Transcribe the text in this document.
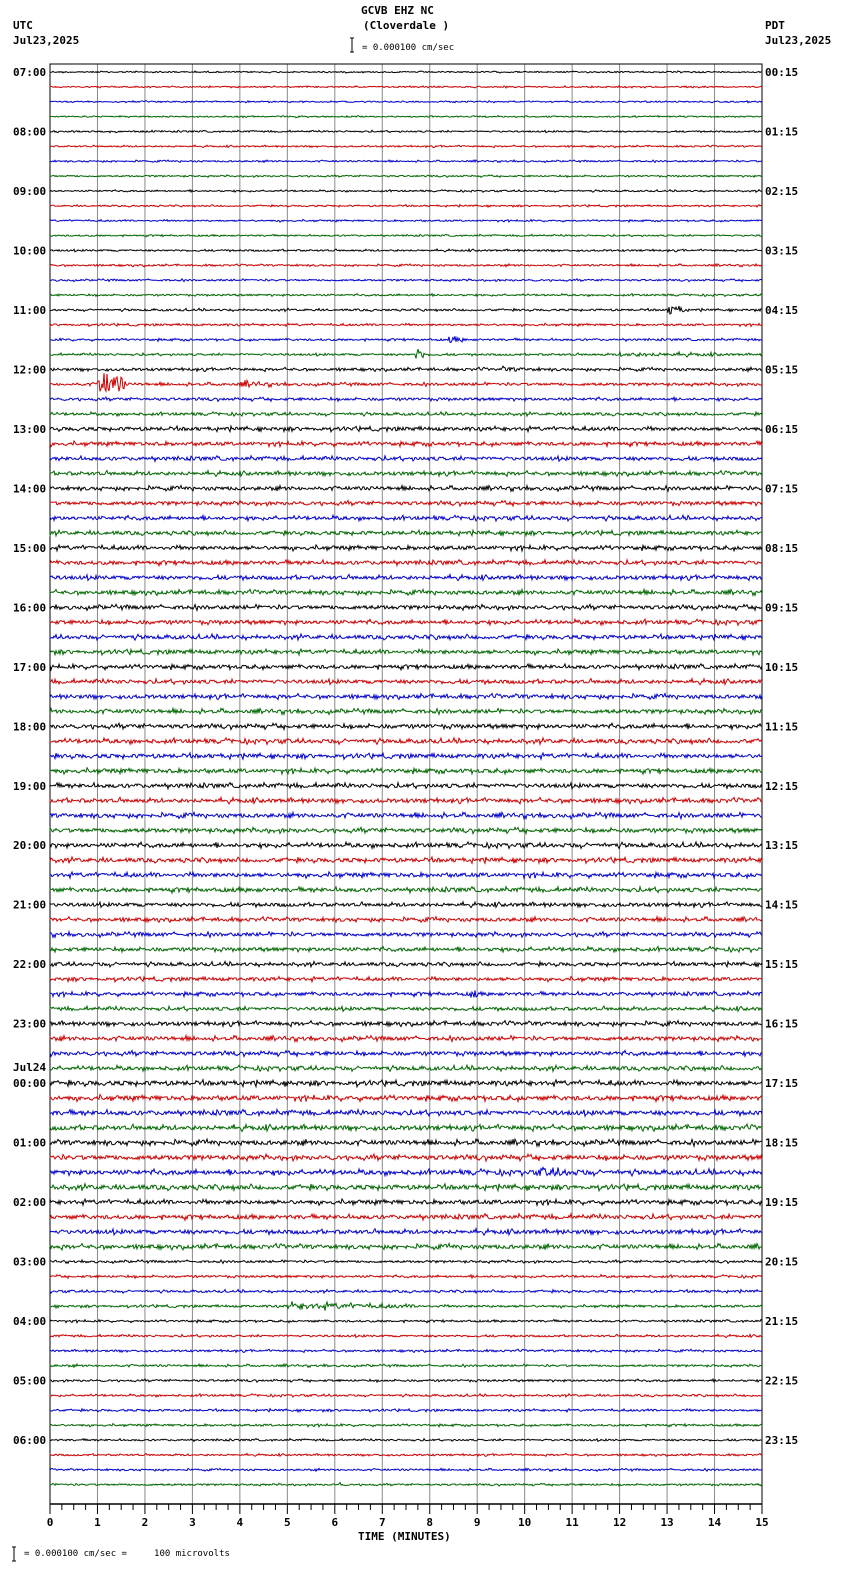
GCVB EHZ NC
(Cloverdale )
UTC
Jul23,2025
PDT
Jul23,2025
= 0.000100 cm/sec
= 0.000100 cm/sec =     100 microvolts
TIME (MINUTES)
07:00
08:00
09:00
10:00
11:00
12:00
13:00
14:00
15:00
16:00
17:00
18:00
19:00
20:00
21:00
22:00
23:00
00:00
01:00
02:00
03:00
04:00
05:00
06:00
Jul24
00:15
01:15
02:15
03:15
04:15
05:15
06:15
07:15
08:15
09:15
10:15
11:15
12:15
13:15
14:15
15:15
16:15
17:15
18:15
19:15
20:15
21:15
22:15
23:15
0	1	2	3	4	5	6	7	8	9	10	11	12	13	14	15
